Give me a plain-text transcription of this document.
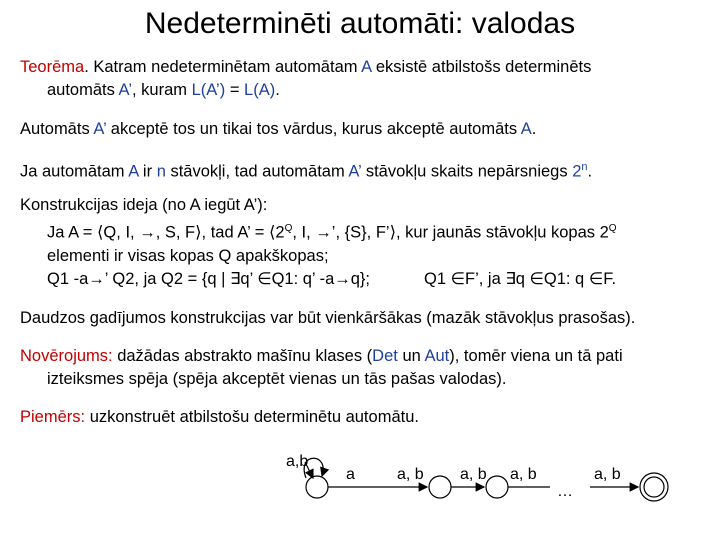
Nedeterminēti automāti: valodas
Teorēma. Katram nedeterminētam automātam A eksistē atbilstošs determinēts
automāts A’, kuram L(A’) = L(A).
Automāts A’ akceptē tos un tikai tos vārdus, kurus akceptē automāts A.
Ja automātam A ir n stāvokļi, tad automātam A’ stāvokļu skaits nepārsniegs 2$^n$.
Konstrukcijas ideja (no A iegūt A’):
Ja A = ⟨Q, I, →, S, F⟩, tad A’ = $⟨2^Q$, I, →’, {S}, F’⟩, kur jaunās stāvokļu kopas $2^Q$
elementi ir visas kopas Q apakškopas;
Q1 -a→’ Q2, ja Q2 = {q | ∃q’ ∈Q1: q’ -a→q};	Q1 ∈F’, ja ∃q ∈Q1: q ∈F.
Daudzos gadījumos konstrukcijas var būt vienkāršākas (mazāk stāvokļus prasošas).
Novērojums: dažādas abstrakto mašīnu klases (Det un Aut), tomēr viena un tā pati
izteiksmes spēja (spēja akceptēt vienas un tās pašas valodas).
Piemērs: uzkonstruēt atbilstošu determinētu automātu.
a,b
a	a, b a, b a, b
…
a, b
